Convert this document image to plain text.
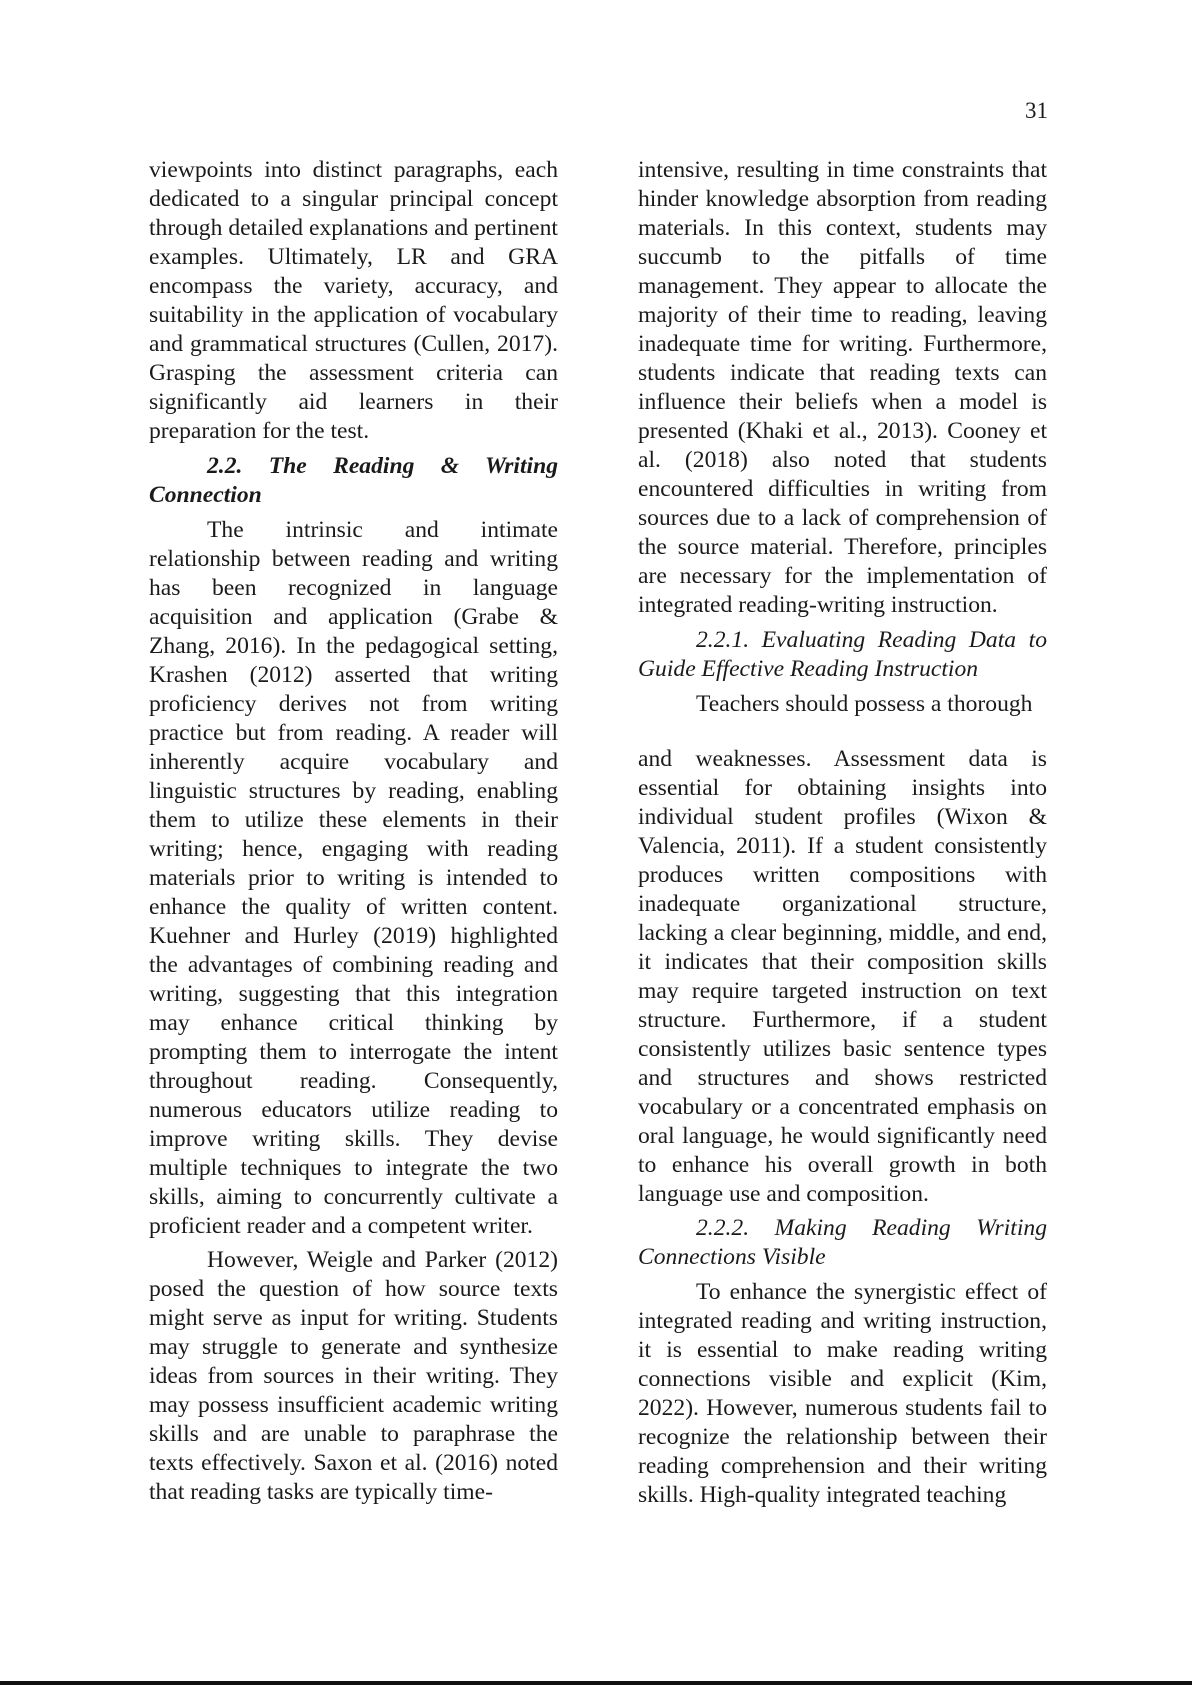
31

viewpoints into distinct paragraphs, each dedicated to a singular principal concept through detailed explanations and pertinent examples. Ultimately, LR and GRA encompass the variety, accuracy, and suitability in the application of vocabulary and grammatical structures (Cullen, 2017). Grasping the assessment criteria can significantly aid learners in their preparation for the test.

2.2. The Reading & Writing Connection

The intrinsic and intimate relationship between reading and writing has been recognized in language acquisition and application (Grabe & Zhang, 2016). In the pedagogical setting, Krashen (2012) asserted that writing proficiency derives not from writing practice but from reading. A reader will inherently acquire vocabulary and linguistic structures by reading, enabling them to utilize these elements in their writing; hence, engaging with reading materials prior to writing is intended to enhance the quality of written content. Kuehner and Hurley (2019) highlighted the advantages of combining reading and writing, suggesting that this integration may enhance critical thinking by prompting them to interrogate the intent throughout reading. Consequently, numerous educators utilize reading to improve writing skills. They devise multiple techniques to integrate the two skills, aiming to concurrently cultivate a proficient reader and a competent writer.

However, Weigle and Parker (2012) posed the question of how source texts might serve as input for writing. Students may struggle to generate and synthesize ideas from sources in their writing. They may possess insufficient academic writing skills and are unable to paraphrase the texts effectively. Saxon et al. (2016) noted that reading tasks are typically time-

intensive, resulting in time constraints that hinder knowledge absorption from reading materials. In this context, students may succumb to the pitfalls of time management. They appear to allocate the majority of their time to reading, leaving inadequate time for writing. Furthermore, students indicate that reading texts can influence their beliefs when a model is presented (Khaki et al., 2013). Cooney et al. (2018) also noted that students encountered difficulties in writing from sources due to a lack of comprehension of the source material. Therefore, principles are necessary for the implementation of integrated reading-writing instruction.

2.2.1. Evaluating Reading Data to Guide Effective Reading Instruction

Teachers should possess a thorough

and weaknesses. Assessment data is essential for obtaining insights into individual student profiles (Wixon & Valencia, 2011). If a student consistently produces written compositions with inadequate organizational structure, lacking a clear beginning, middle, and end, it indicates that their composition skills may require targeted instruction on text structure. Furthermore, if a student consistently utilizes basic sentence types and structures and shows restricted vocabulary or a concentrated emphasis on oral language, he would significantly need to enhance his overall growth in both language use and composition.

2.2.2. Making Reading Writing Connections Visible

To enhance the synergistic effect of integrated reading and writing instruction, it is essential to make reading writing connections visible and explicit (Kim, 2022). However, numerous students fail to recognize the relationship between their reading comprehension and their writing skills. High-quality integrated teaching
